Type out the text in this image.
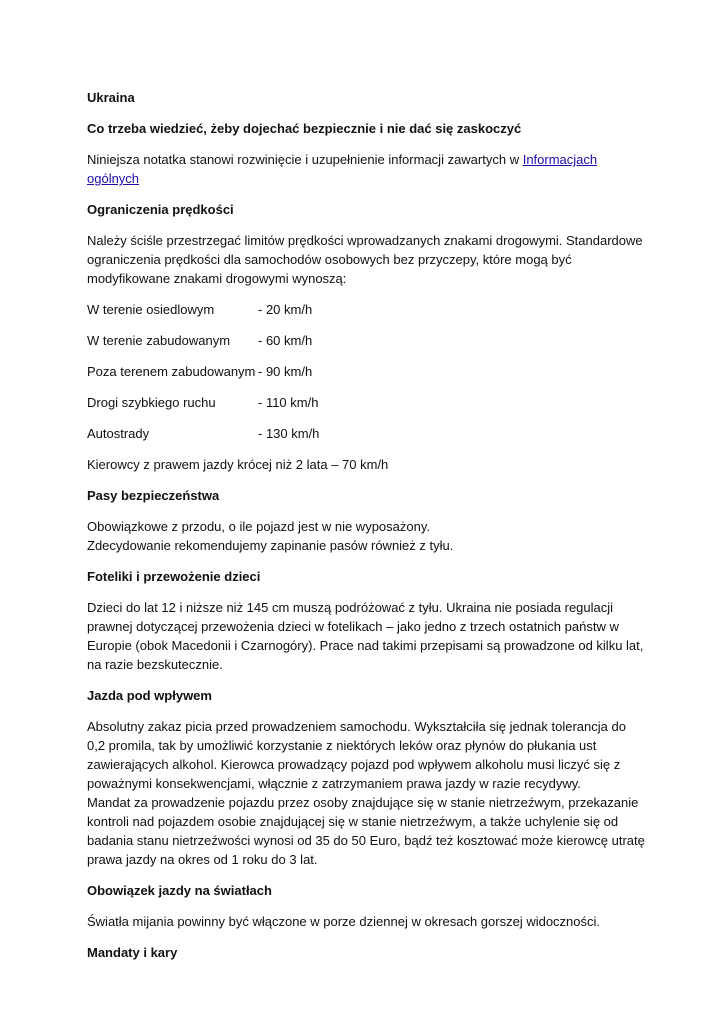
Ukraina

Co trzeba wiedzieć, żeby dojechać bezpiecznie i nie dać się zaskoczyć

Niniejsza notatka stanowi rozwinięcie i uzupełnienie informacji zawartych w Informacjach ogólnych

Ograniczenia prędkości

Należy ściśle przestrzegać limitów prędkości wprowadzanych znakami drogowymi. Standardowe ograniczenia prędkości dla samochodów osobowych bez przyczepy, które mogą być modyfikowane znakami drogowymi wynoszą:

W terenie osiedlowym	- 20 km/h
W terenie zabudowanym	- 60 km/h
Poza terenem zabudowanym - 90 km/h
Drogi szybkiego ruchu	- 110 km/h
Autostrady	- 130 km/h

Kierowcy z prawem jazdy krócej niż 2 lata – 70 km/h

Pasy bezpieczeństwa

Obowiązkowe z przodu, o ile pojazd jest w nie wyposażony.
Zdecydowanie rekomendujemy zapinanie pasów również z tyłu.

Foteliki i przewożenie dzieci

Dzieci do lat 12 i niższe niż 145 cm muszą podróżować z tyłu. Ukraina nie posiada regulacji prawnej dotyczącej przewożenia dzieci w fotelikach – jako jedno z trzech ostatnich państw w Europie (obok Macedonii i Czarnogóry). Prace nad takimi przepisami są prowadzone od kilku lat, na razie bezskutecznie.

Jazda pod wpływem

Absolutny zakaz picia przed prowadzeniem samochodu. Wykształciła się jednak tolerancja do 0,2 promila, tak by umożliwić korzystanie z niektórych leków oraz płynów do płukania ust zawierających alkohol. Kierowca prowadzący pojazd pod wpływem alkoholu musi liczyć się z poważnymi konsekwencjami, włącznie z zatrzymaniem prawa jazdy w razie recydywy.
Mandat za prowadzenie pojazdu przez osoby znajdujące się w stanie nietrzeźwym, przekazanie kontroli nad pojazdem osobie znajdującej się w stanie nietrzeźwym, a także uchylenie się od badania stanu nietrzeźwości wynosi od 35 do 50 Euro, bądź też kosztować może kierowcę utratę prawa jazdy na okres od 1 roku do 3 lat.

Obowiązek jazdy na światłach

Światła mijania powinny być włączone w porze dziennej w okresach gorszej widoczności.

Mandaty i kary
